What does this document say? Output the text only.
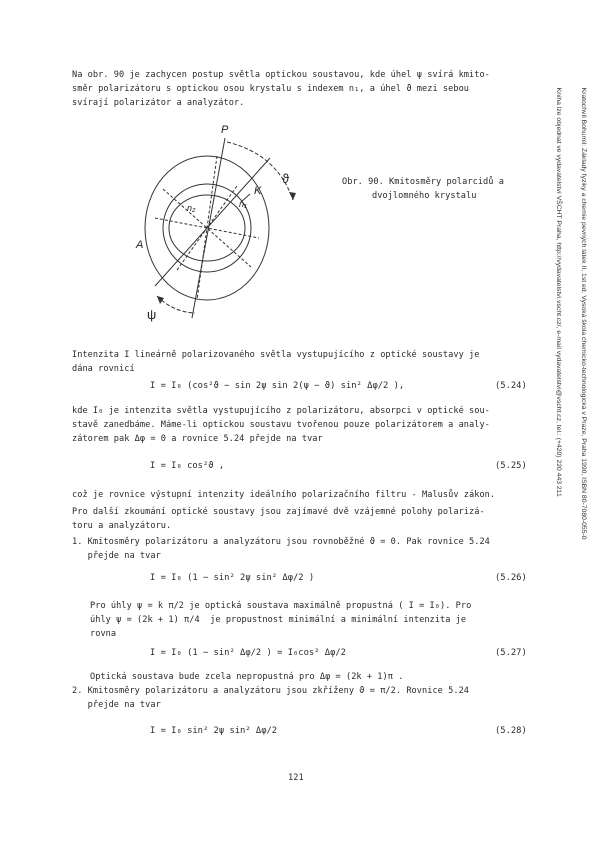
Na obr. 90 je zachycen postup světla optickou soustavou, kde úhel ψ svírá kmito-
směr polarizátoru s optickou osou krystalu s indexem n₁, a úhel ϑ mezi sebou
svírají polarizátor a analyzátor.
P
ϑ
K
n₁
n₂
A
ψ
Obr. 90. Kmitosměry polarcidů a
dvojlomného krystalu
Intenzita I lineárně polarizovaného světla vystupujícího z optické soustavy je
dána rovnicí
I = I₀ (cos²ϑ − sin 2ψ sin 2(ψ − ϑ) sin² Δφ/2 ),	(5.24)
kde I₀ je intenzita světla vystupujícího z polarizátoru, absorpci v optické sou-
stavě zanedbáme. Máme-li optickou soustavu tvořenou pouze polarizátorem a analy-
zátorem pak Δφ = 0 a rovnice 5.24 přejde na tvar
I = I₀ cos²ϑ ,	(5.25)
což je rovnice výstupní intenzity ideálního polarizačního filtru - Malusův zákon.
Pro další zkoumání optické soustavy jsou zajímavé dvě vzájemné polohy polarizá-
toru a analyzátoru.
1. Kmitosměry polarizátoru a analyzátoru jsou rovnoběžné ϑ = 0. Pak rovnice 5.24
přejde na tvar
I = I₀ (1 − sin² 2ψ sin² Δφ/2 )	(5.26)
Pro úhly ψ = k π/2 je optická soustava maximálně propustná ( I = I₀). Pro
úhly ψ = (2k + 1) π/4  je propustnost minimální a minimální intenzita je
rovna
I = I₀ (1 − sin² Δφ/2 ) = I₀cos² Δφ/2	(5.27)
Optická soustava bude zcela nepropustná pro Δφ = (2k + 1)π .
2. Kmitosměry polarizátoru a analyzátoru jsou zkříženy ϑ = π/2. Rovnice 5.24
přejde na tvar
I = I₀ sin² 2ψ sin² Δφ/2	(5.28)
121

Kratochvíl Bohumil: Základy fyziky a chemie pevných látek II, 1st ed. Vysoká škola chemicko-technologická v Praze, Praha 1990, ISBN 80-7080-055-0

Kniha lze objednat ve vydavatelství VŠCHT Praha, http://vydavatelstvi.vscht.cz/, e-mail vydavatelstvi@vscht.cz, tel.: (+420) 220 443 211
